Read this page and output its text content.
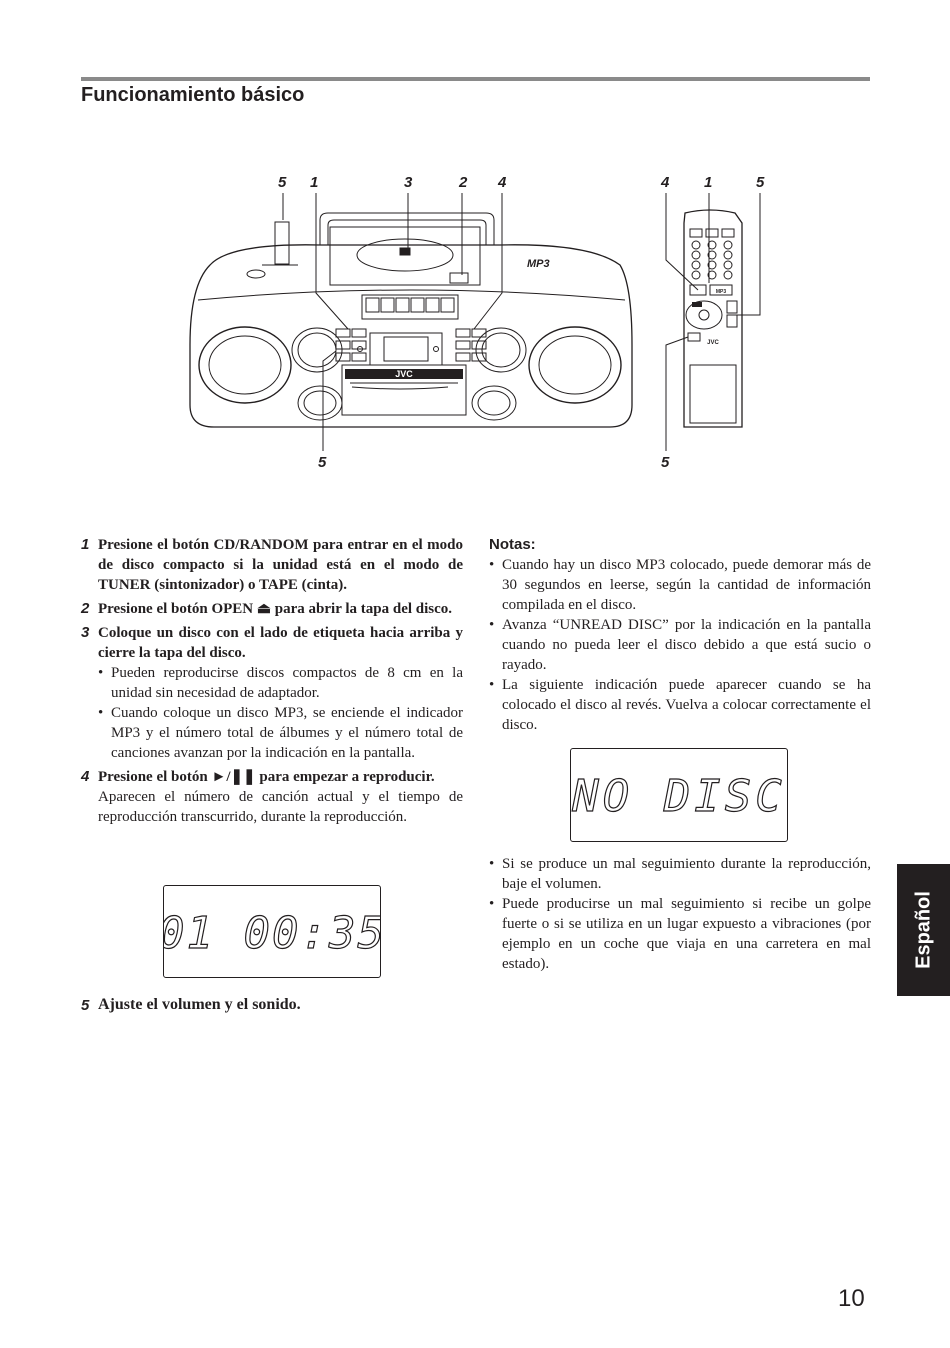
Funcionamiento básico
5 1	3	2 4	4 1	5
5	5
JVC
MP3
JVC
MP3
1 Presione el botón CD/RANDOM para entrar en el modo de disco compacto si la unidad está en el modo de TUNER (sintonizador) o TAPE (cinta).
2 Presione el botón OPEN ⏏ para abrir la tapa del disco.
3 Coloque un disco con el lado de etiqueta hacia arriba y cierre la tapa del disco.
• Pueden reproducirse discos compactos de 8 cm en la unidad sin necesidad de adaptador.
• Cuando coloque un disco MP3, se enciende el indicador MP3 y el número total de álbumes y el número total de canciones avanzan por la indicación en la pantalla.
4 Presione el botón ►/❚❚ para empezar a reproducir.
Aparecen el número de canción actual y el tiempo de reproducción transcurrido, durante la reproducción.
01 00:35
5 Ajuste el volumen y el sonido.
Notas:
• Cuando hay un disco MP3 colocado, puede demorar más de 30 segundos en leerse, según la cantidad de información compilada en el disco.
• Avanza “UNREAD DISC” por la indicación en la pantalla cuando no pueda leer el disco debido a que está sucio o rayado.
• La siguiente indicación puede aparecer cuando se ha colocado el disco al revés. Vuelva a colocar correctamente el disco.
NO DISC
• Si se produce un mal seguimiento durante la reproducción, baje el volumen.
• Puede producirse un mal seguimiento si recibe un golpe fuerte o si se utiliza en un lugar expuesto a vibraciones (por ejemplo en un coche que viaja en una carretera en mal estado).	Español
10
